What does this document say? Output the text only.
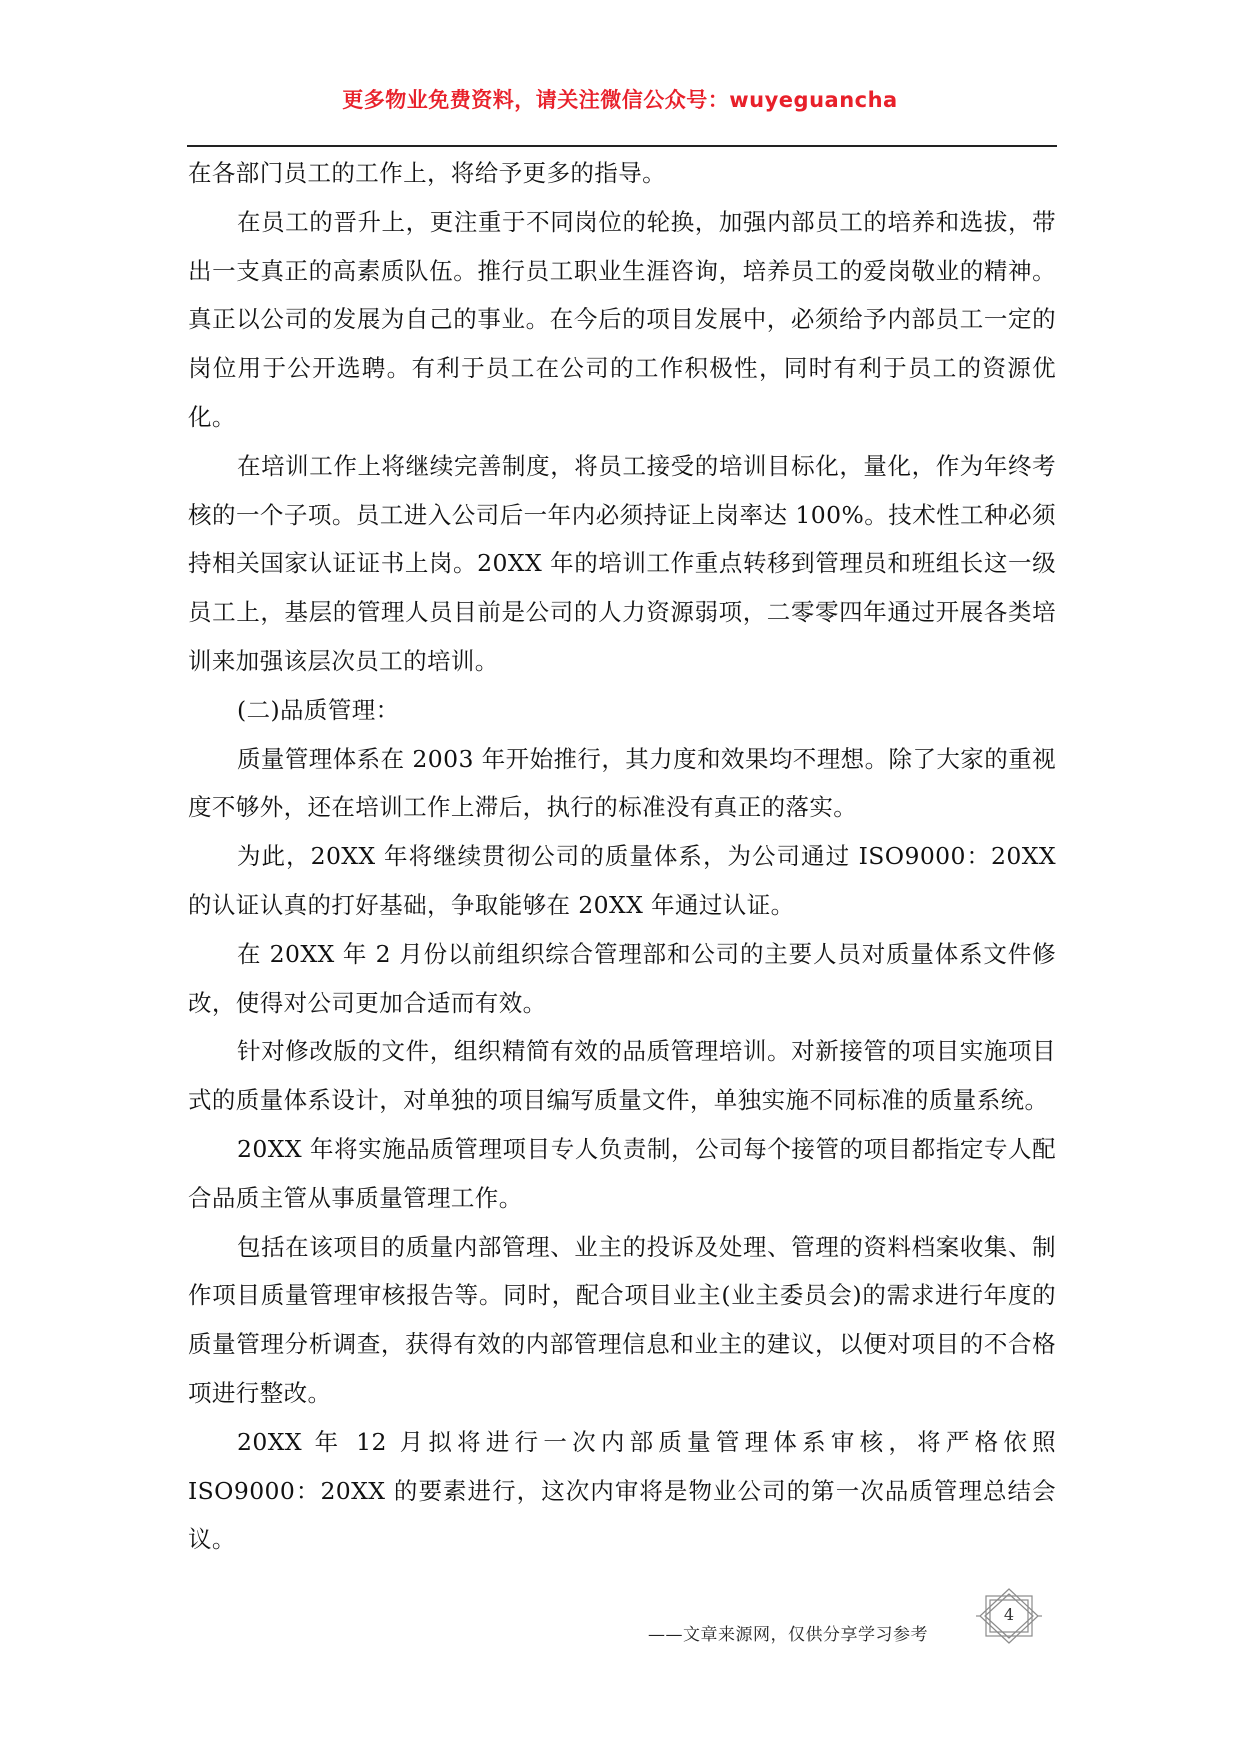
更多物业免费资料，请关注微信公众号：wuyeguancha

在各部门员工的工作上，将给予更多的指导。

在员工的晋升上，更注重于不同岗位的轮换，加强内部员工的培养和选拔，带出一支真正的高素质队伍。推行员工职业生涯咨询，培养员工的爱岗敬业的精神。真正以公司的发展为自己的事业。在今后的项目发展中，必须给予内部员工一定的岗位用于公开选聘。有利于员工在公司的工作积极性，同时有利于员工的资源优化。

在培训工作上将继续完善制度，将员工接受的培训目标化，量化，作为年终考核的一个子项。员工进入公司后一年内必须持证上岗率达 100%。技术性工种必须持相关国家认证证书上岗。20XX 年的培训工作重点转移到管理员和班组长这一级员工上，基层的管理人员目前是公司的人力资源弱项，二零零四年通过开展各类培训来加强该层次员工的培训。

(二)品质管理：

质量管理体系在 2003 年开始推行，其力度和效果均不理想。除了大家的重视度不够外，还在培训工作上滞后，执行的标准没有真正的落实。

为此，20XX 年将继续贯彻公司的质量体系，为公司通过 ISO9000：20XX 的认证认真的打好基础，争取能够在 20XX 年通过认证。

在 20XX 年 2 月份以前组织综合管理部和公司的主要人员对质量体系文件修改，使得对公司更加合适而有效。

针对修改版的文件，组织精简有效的品质管理培训。对新接管的项目实施项目式的质量体系设计，对单独的项目编写质量文件，单独实施不同标准的质量系统。

20XX 年将实施品质管理项目专人负责制，公司每个接管的项目都指定专人配合品质主管从事质量管理工作。

包括在该项目的质量内部管理、业主的投诉及处理、管理的资料档案收集、制作项目质量管理审核报告等。同时，配合项目业主(业主委员会)的需求进行年度的质量管理分析调查，获得有效的内部管理信息和业主的建议，以便对项目的不合格项进行整改。

20XX 年 12 月拟将进行一次内部质量管理体系审核，将严格依照 ISO9000：20XX 的要素进行，这次内审将是物业公司的第一次品质管理总结会议。

——文章来源网，仅供分享学习参考
4
